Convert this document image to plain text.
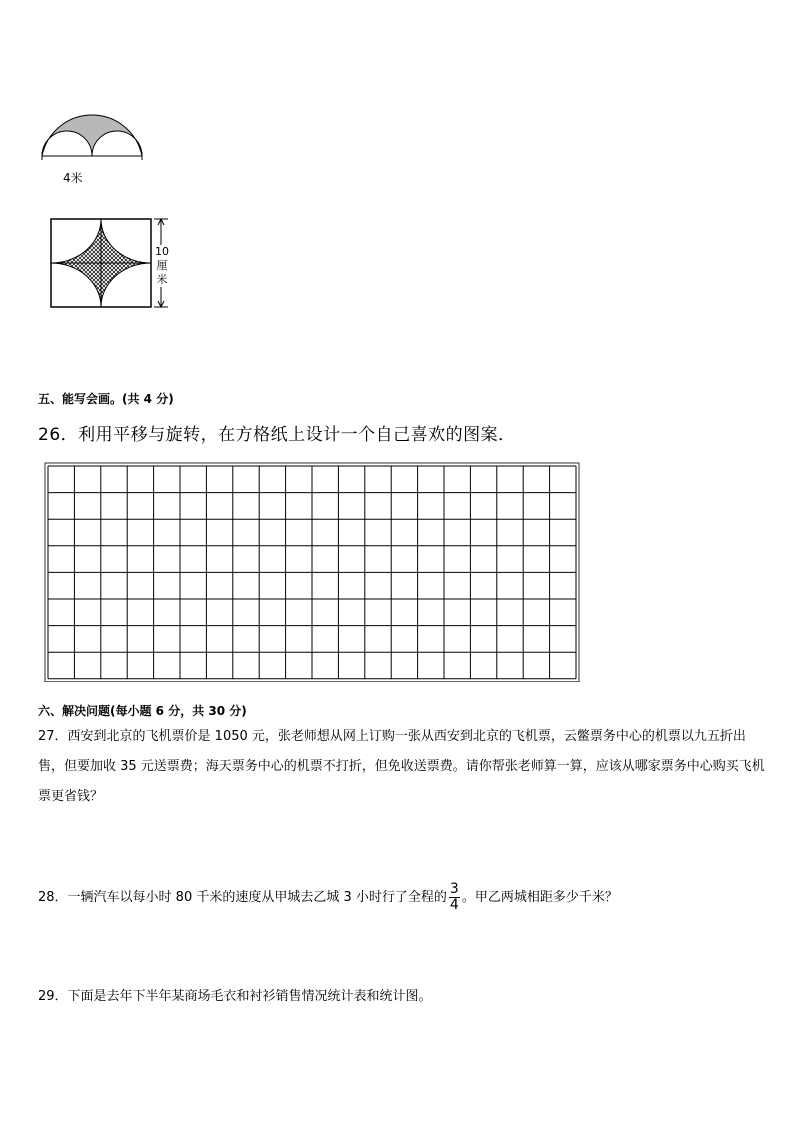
4米
10
厘
米
五、能写会画。(共 4 分)
26．利用平移与旋转，在方格纸上设计一个自己喜欢的图案．
六、解决问题(每小题 6 分，共 30 分)
27．西安到北京的飞机票价是 1050 元，张老师想从网上订购一张从西安到北京的飞机票，云鳖票务中心的机票以九五折出售，但要加收 35 元送票费；海天票务中心的机票不打折，但免收送票费。请你帮张老师算一算，应该从哪家票务中心购买飞机票更省钱？
28．一辆汽车以每小时 80 千米的速度从甲城去乙城 3 小时行了全程的 $\frac{3}{4}$ 。甲乙两城相距多少千米？
29．下面是去年下半年某商场毛衣和衬衫销售情况统计表和统计图。
